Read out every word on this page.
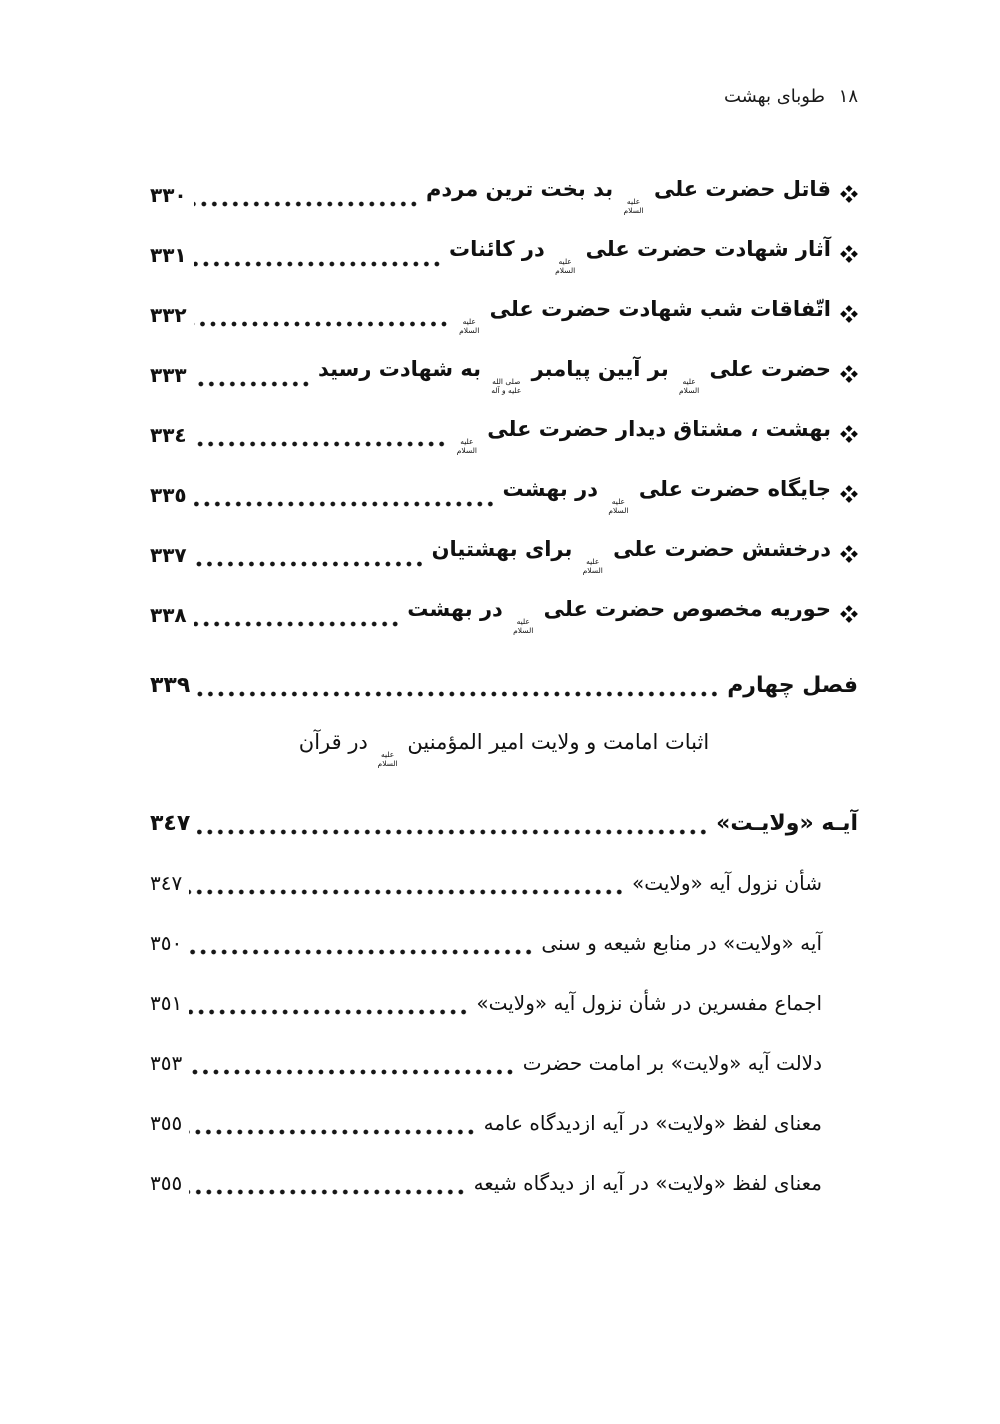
١٨ طوبای بهشت
قاتل حضرت علی
عليه
السلام
بد بخت ترین مردم
٣٣٠
آثار شهادت حضرت علی
عليه
السلام
در کائنات
٣٣١
اتّفاقات شب شهادت حضرت علی
عليه
السلام
٣٣٢
حضرت علی
عليه
السلام
بر آیین پیامبر
صلى الله
عليه و آله
به شهادت رسید
٣٣٣
بهشت ، مشتاق دیدار حضرت علی
عليه
السلام
٣٣٤
جایگاه حضرت علی
عليه
السلام
در بهشت
٣٣٥
درخشش حضرت علی
عليه
السلام
برای بهشتیان
٣٣٧
حوریه مخصوص حضرت علی
عليه
السلام
در بهشت
٣٣٨
فصل چهارم
٣٣٩
اثبات امامت و ولایت امیر المؤمنین
عليه
السلام
در قرآن
آیـه «ولایـت»
٣٤٧
شأن نزول آیه «ولایت»
٣٤٧
آیه «ولایت» در منابع شیعه و سنی
٣٥٠
اجماع مفسرین در شأن نزول آیه «ولایت»
٣٥١
دلالت آیه «ولایت» بر امامت حضرت
٣٥٣
معنای لفظ «ولایت» در آیه ازدیدگاه عامه
٣٥٥
معنای لفظ «ولایت» در آیه از دیدگاه شیعه
٣٥٥
